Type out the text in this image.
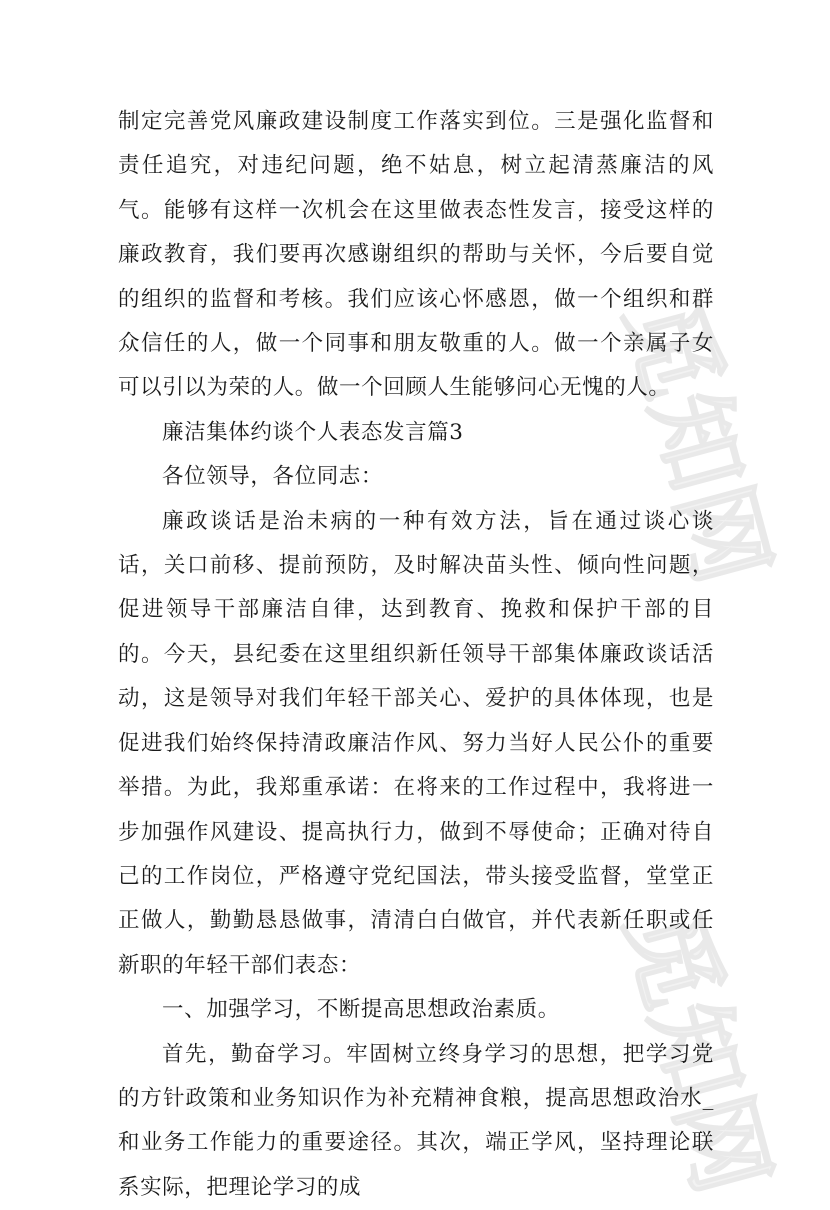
觅知网
觅知网

制定完善党风廉政建设制度工作落实到位。三是强化监督和责任追究，对违纪问题，绝不姑息，树立起清蒸廉洁的风气。能够有这样一次机会在这里做表态性发言，接受这样的廉政教育，我们要再次感谢组织的帮助与关怀，今后要自觉的组织的监督和考核。我们应该心怀感恩，做一个组织和群众信任的人，做一个同事和朋友敬重的人。做一个亲属子女可以引以为荣的人。做一个回顾人生能够问心无愧的人。

廉洁集体约谈个人表态发言篇3

各位领导，各位同志：

廉政谈话是治未病的一种有效方法，旨在通过谈心谈话，关口前移、提前预防，及时解决苗头性、倾向性问题，促进领导干部廉洁自律，达到教育、挽救和保护干部的目的。今天，县纪委在这里组织新任领导干部集体廉政谈话活动，这是领导对我们年轻干部关心、爱护的具体体现，也是促进我们始终保持清政廉洁作风、努力当好人民公仆的重要举措。为此，我郑重承诺：在将来的工作过程中，我将进一步加强作风建设、提高执行力，做到不辱使命；正确对待自己的工作岗位，严格遵守党纪国法，带头接受监督，堂堂正正做人，勤勤恳恳做事，清清白白做官，并代表新任职或任新职的年轻干部们表态：

一、加强学习，不断提高思想政治素质。

首先，勤奋学习。牢固树立终身学习的思想，把学习党的方针政策和业务知识作为补充精神食粮，提高思想政治水_和业务工作能力的重要途径。其次，端正学风，坚持理论联系实际，把理论学习的成
